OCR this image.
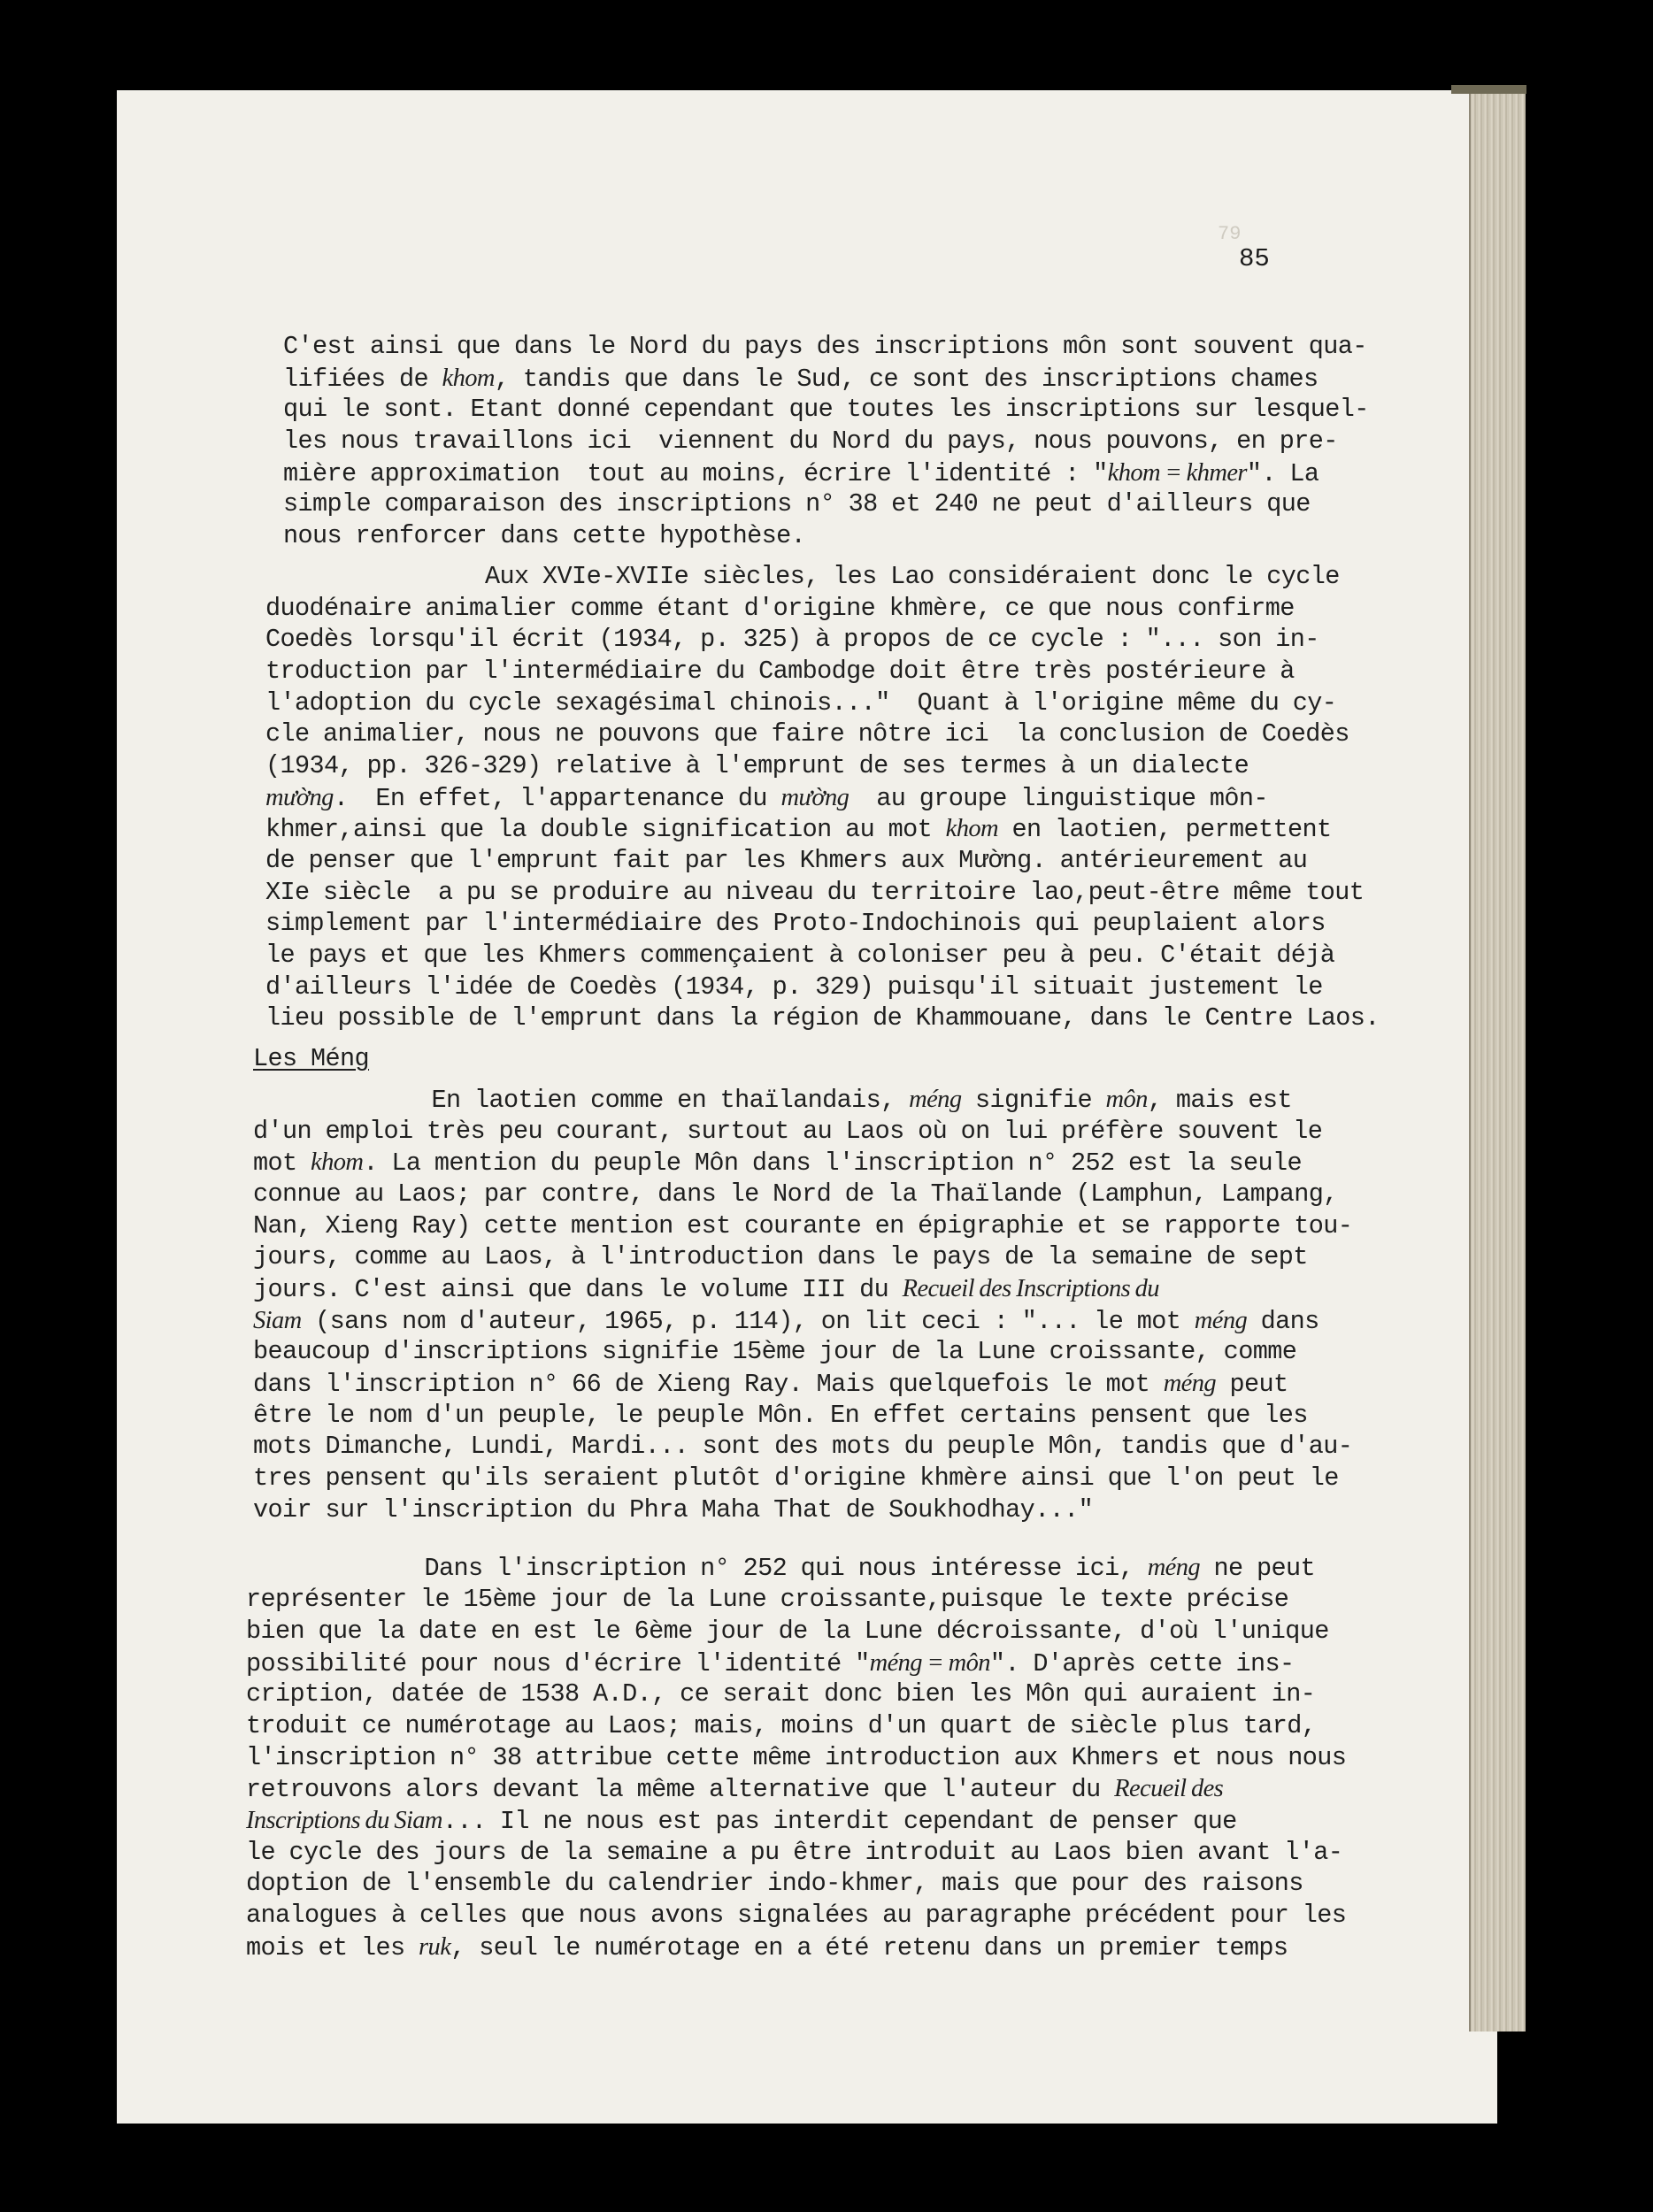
79
85
C'est ainsi que dans le Nord du pays des inscriptions môn sont souvent qua-
lifiées de khom, tandis que dans le Sud, ce sont des inscriptions chames
qui le sont. Etant donné cependant que toutes les inscriptions sur lesquel-
les nous travaillons ici  viennent du Nord du pays, nous pouvons, en pre-
mière approximation  tout au moins, écrire l'identité : "khom = khmer". La
simple comparaison des inscriptions n° 38 et 240 ne peut d'ailleurs que
nous renforcer dans cette hypothèse.
Aux XVIe-XVIIe siècles, les Lao considéraient donc le cycle
duodénaire animalier comme étant d'origine khmère, ce que nous confirme
Coedès lorsqu'il écrit (1934, p. 325) à propos de ce cycle : "... son in-
troduction par l'intermédiaire du Cambodge doit être très postérieure à
l'adoption du cycle sexagésimal chinois..."  Quant à l'origine même du cy-
cle animalier, nous ne pouvons que faire nôtre ici  la conclusion de Coedès
(1934, pp. 326-329) relative à l'emprunt de ses termes à un dialecte
mường.  En effet, l'appartenance du mường  au groupe linguistique môn-
khmer,ainsi que la double signification au mot khom en laotien, permettent
de penser que l'emprunt fait par les Khmers aux Mường. antérieurement au
XIe siècle  a pu se produire au niveau du territoire lao,peut-être même tout
simplement par l'intermédiaire des Proto-Indochinois qui peuplaient alors
le pays et que les Khmers commençaient à coloniser peu à peu. C'était déjà
d'ailleurs l'idée de Coedès (1934, p. 329) puisqu'il situait justement le
lieu possible de l'emprunt dans la région de Khammouane, dans le Centre Laos.
Les Méng
En laotien comme en thaïlandais, méng signifie môn, mais est
d'un emploi très peu courant, surtout au Laos où on lui préfère souvent le
mot khom. La mention du peuple Môn dans l'inscription n° 252 est la seule
connue au Laos; par contre, dans le Nord de la Thaïlande (Lamphun, Lampang,
Nan, Xieng Ray) cette mention est courante en épigraphie et se rapporte tou-
jours, comme au Laos, à l'introduction dans le pays de la semaine de sept
jours. C'est ainsi que dans le volume III du Recueil des Inscriptions du
Siam (sans nom d'auteur, 1965, p. 114), on lit ceci : "... le mot méng dans
beaucoup d'inscriptions signifie 15ème jour de la Lune croissante, comme
dans l'inscription n° 66 de Xieng Ray. Mais quelquefois le mot méng peut
être le nom d'un peuple, le peuple Môn. En effet certains pensent que les
mots Dimanche, Lundi, Mardi... sont des mots du peuple Môn, tandis que d'au-
tres pensent qu'ils seraient plutôt d'origine khmère ainsi que l'on peut le
voir sur l'inscription du Phra Maha That de Soukhodhay..."
Dans l'inscription n° 252 qui nous intéresse ici, méng ne peut
représenter le 15ème jour de la Lune croissante,puisque le texte précise
bien que la date en est le 6ème jour de la Lune décroissante, d'où l'unique
possibilité pour nous d'écrire l'identité "méng = môn". D'après cette ins-
cription, datée de 1538 A.D., ce serait donc bien les Môn qui auraient in-
troduit ce numérotage au Laos; mais, moins d'un quart de siècle plus tard,
l'inscription n° 38 attribue cette même introduction aux Khmers et nous nous
retrouvons alors devant la même alternative que l'auteur du Recueil des
Inscriptions du Siam... Il ne nous est pas interdit cependant de penser que
le cycle des jours de la semaine a pu être introduit au Laos bien avant l'a-
doption de l'ensemble du calendrier indo-khmer, mais que pour des raisons
analogues à celles que nous avons signalées au paragraphe précédent pour les
mois et les ruk, seul le numérotage en a été retenu dans un premier temps
